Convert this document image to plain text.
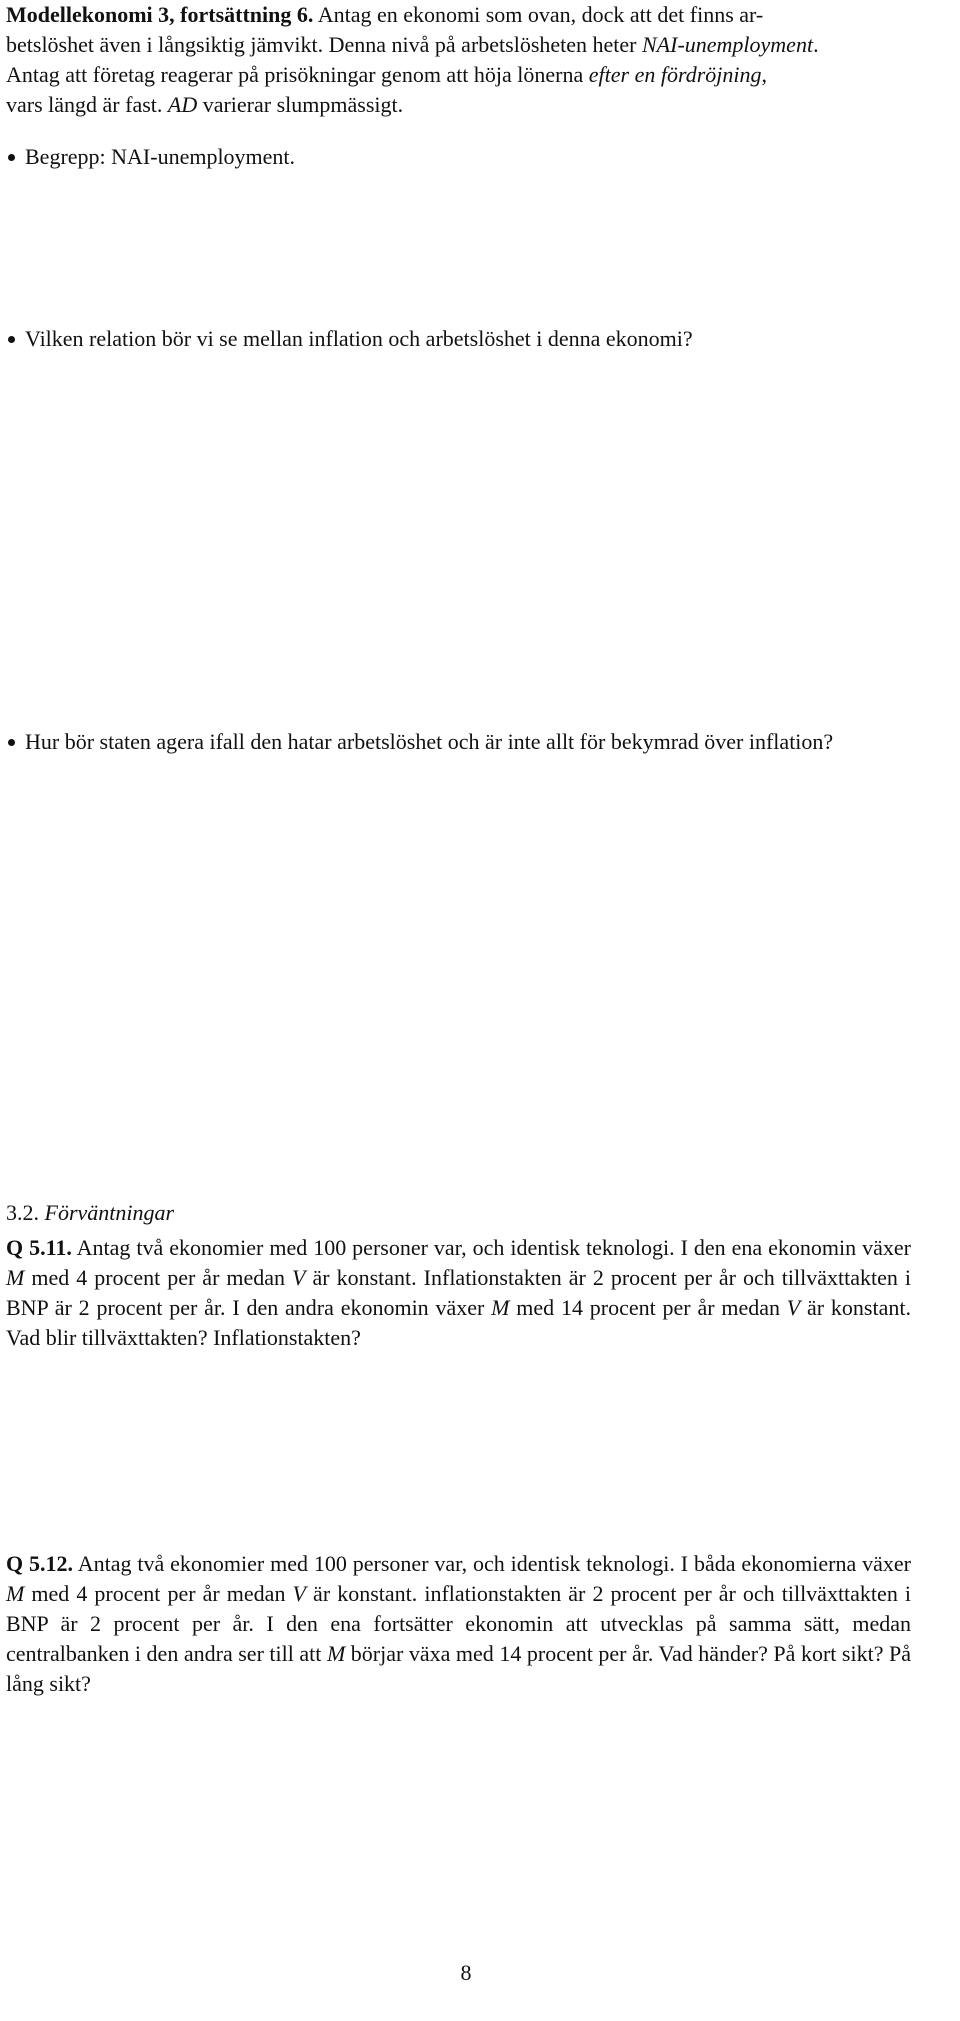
Modellekonomi 3, fortsättning 6. Antag en ekonomi som ovan, dock att det finns ar-
betslöshet även i långsiktig jämvikt. Denna nivå på arbetslösheten heter NAI-unemployment.
Antag att företag reagerar på prisökningar genom att höja lönerna efter en fördröjning,
vars längd är fast. AD varierar slumpmässigt.
Begrepp: NAI-unemployment.
Vilken relation bör vi se mellan inflation och arbetslöshet i denna ekonomi?
Hur bör staten agera ifall den hatar arbetslöshet och är inte allt för bekymrad över inflation?
3.2. Förväntningar
Q 5.11. Antag två ekonomier med 100 personer var, och identisk teknologi. I den ena ekonomin växer M med 4 procent per år medan V är konstant. Inflationstakten är 2 procent per år och tillväxttakten i BNP är 2 procent per år. I den andra ekonomin växer M med 14 procent per år medan V är konstant. Vad blir tillväxttakten? Inflationstakten?
Q 5.12. Antag två ekonomier med 100 personer var, och identisk teknologi. I båda ekonomierna växer M med 4 procent per år medan V är konstant. inflationstakten är 2 procent per år och tillväxttakten i BNP är 2 procent per år. I den ena fortsätter ekonomin att utvecklas på samma sätt, medan centralbanken i den andra ser till att M börjar växa med 14 procent per år. Vad händer? På kort sikt? På lång sikt?
8
